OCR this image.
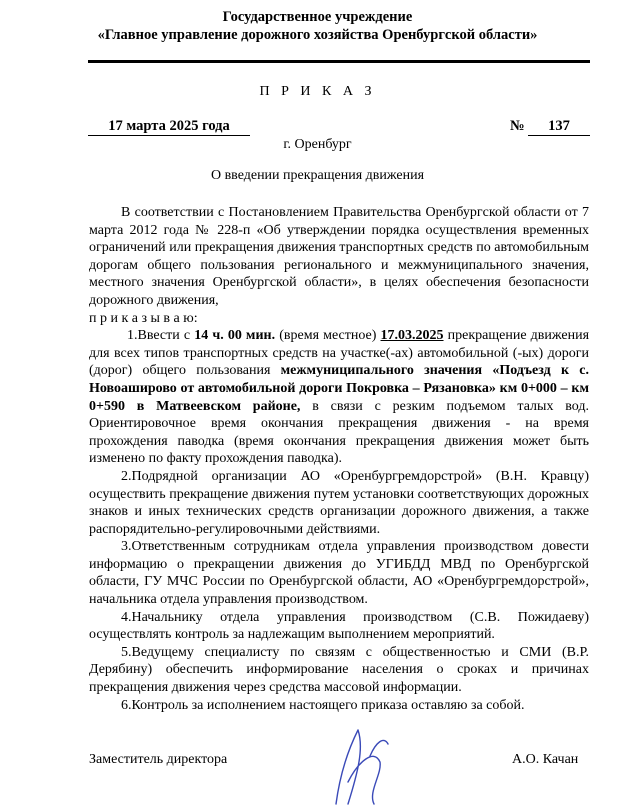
Государственное учреждение
«Главное управление дорожного хозяйства Оренбургской области»
П Р И К А З
17 марта 2025 года	№	137
г. Оренбург
О введении прекращения движения

В соответствии с Постановлением Правительства Оренбургской области от 7 марта 2012 года № 228-п «Об утверждении порядка осуществления временных ограничений или прекращения движения транспортных средств по автомобильным дорогам общего пользования регионального и межмуниципального значения, местного значения Оренбургской области», в целях обеспечения безопасности дорожного движения,

п р и к а з ы в а ю:

1.Ввести с 14 ч. 00 мин. (время местное) 17.03.2025 прекращение движения для всех типов транспортных средств на участке(-ах) автомобильной (-ых) дороги (дорог) общего пользования межмуниципального значения «Подъезд к с. Новоаширово от автомобильной дороги Покровка – Рязановка» км 0+000 – км 0+590 в Матвеевском районе, в связи с резким подъемом талых вод. Ориентировочное время окончания прекращения движения - на время прохождения паводка (время окончания прекращения движения может быть изменено по факту прохождения паводка).

2.Подрядной организации АО «Оренбургремдорстрой» (В.Н. Кравцу) осуществить прекращение движения путем установки соответствующих дорожных знаков и иных технических средств организации дорожного движения, а также распорядительно-регулировочными действиями.

3.Ответственным сотрудникам отдела управления производством довести информацию о прекращении движения до УГИБДД МВД по Оренбургской области, ГУ МЧС России по Оренбургской области, АО «Оренбургремдорстрой», начальника отдела управления производством.

4.Начальнику отдела управления производством (С.В. Пожидаеву) осуществлять контроль за надлежащим выполнением мероприятий.

5.Ведущему специалисту по связям с общественностью и СМИ (В.Р. Дерябину) обеспечить информирование населения о сроках и причинах прекращения движения через средства массовой информации.

6.Контроль за исполнением настоящего приказа оставляю за собой.

Заместитель директора	А.О. Качан
